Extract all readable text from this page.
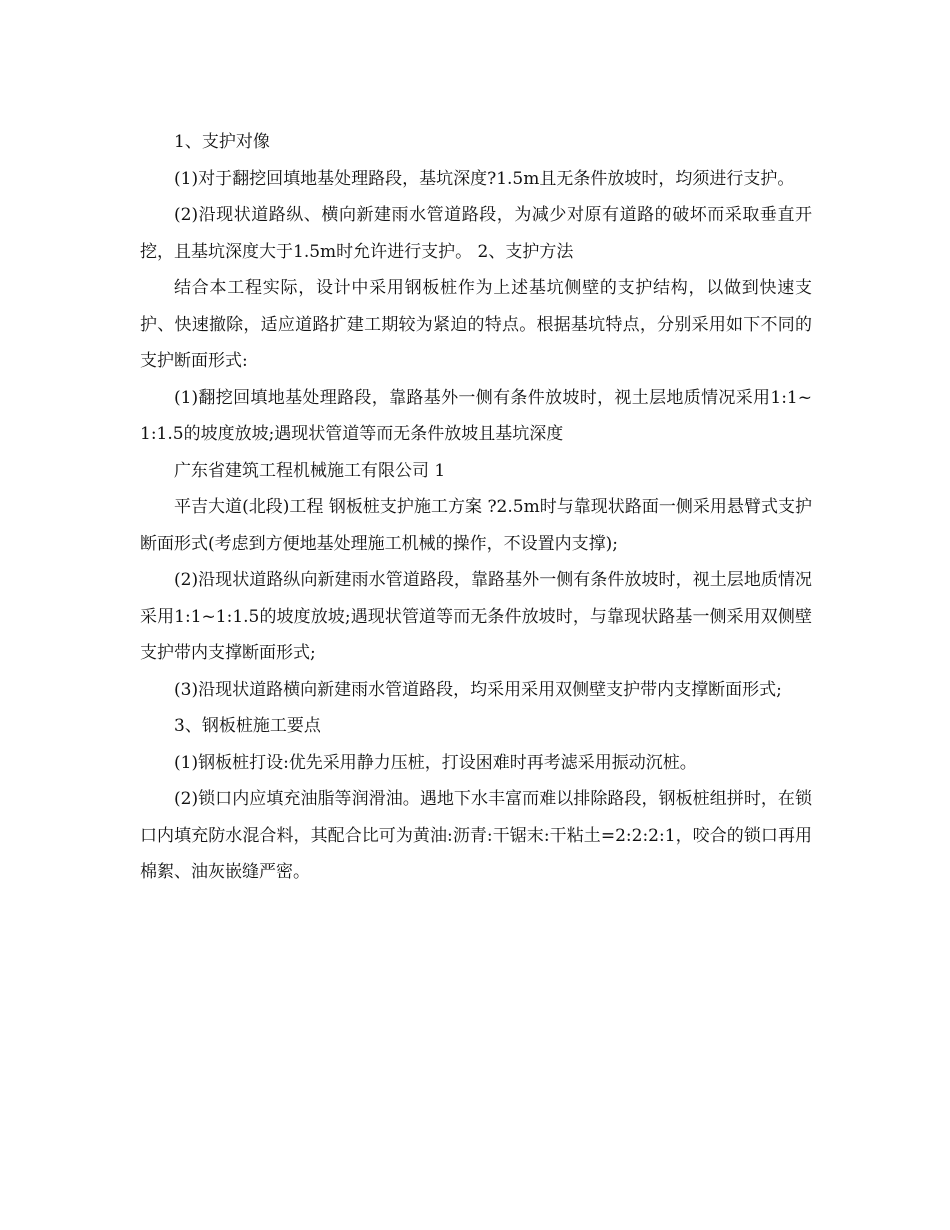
1、支护对像

(1)对于翻挖回填地基处理路段，基坑深度?1.5m且无条件放坡时，均须进行支护。

(2)沿现状道路纵、横向新建雨水管道路段，为减少对原有道路的破坏而采取垂直开挖，且基坑深度大于1.5m时允许进行支护。 2、支护方法

结合本工程实际，设计中采用钢板桩作为上述基坑侧壁的支护结构，以做到快速支护、快速撤除，适应道路扩建工期较为紧迫的特点。根据基坑特点，分别采用如下不同的支护断面形式:

(1)翻挖回填地基处理路段，靠路基外一侧有条件放坡时，视土层地质情况采用1:1~1:1.5的坡度放坡;遇现状管道等而无条件放坡且基坑深度

广东省建筑工程机械施工有限公司 1

平吉大道(北段)工程 钢板桩支护施工方案 ?2.5m时与靠现状路面一侧采用悬臂式支护断面形式(考虑到方便地基处理施工机械的操作，不设置内支撑);

(2)沿现状道路纵向新建雨水管道路段，靠路基外一侧有条件放坡时，视土层地质情况采用1:1~1:1.5的坡度放坡;遇现状管道等而无条件放坡时，与靠现状路基一侧采用双侧壁支护带内支撑断面形式;

(3)沿现状道路横向新建雨水管道路段，均采用采用双侧壁支护带内支撑断面形式;

3、钢板桩施工要点

(1)钢板桩打设:优先采用静力压桩，打设困难时再考滤采用振动沉桩。

(2)锁口内应填充油脂等润滑油。遇地下水丰富而难以排除路段，钢板桩组拼时，在锁口内填充防水混合料，其配合比可为黄油:沥青:干锯末:干粘土=2:2:2:1，咬合的锁口再用棉絮、油灰嵌缝严密。
